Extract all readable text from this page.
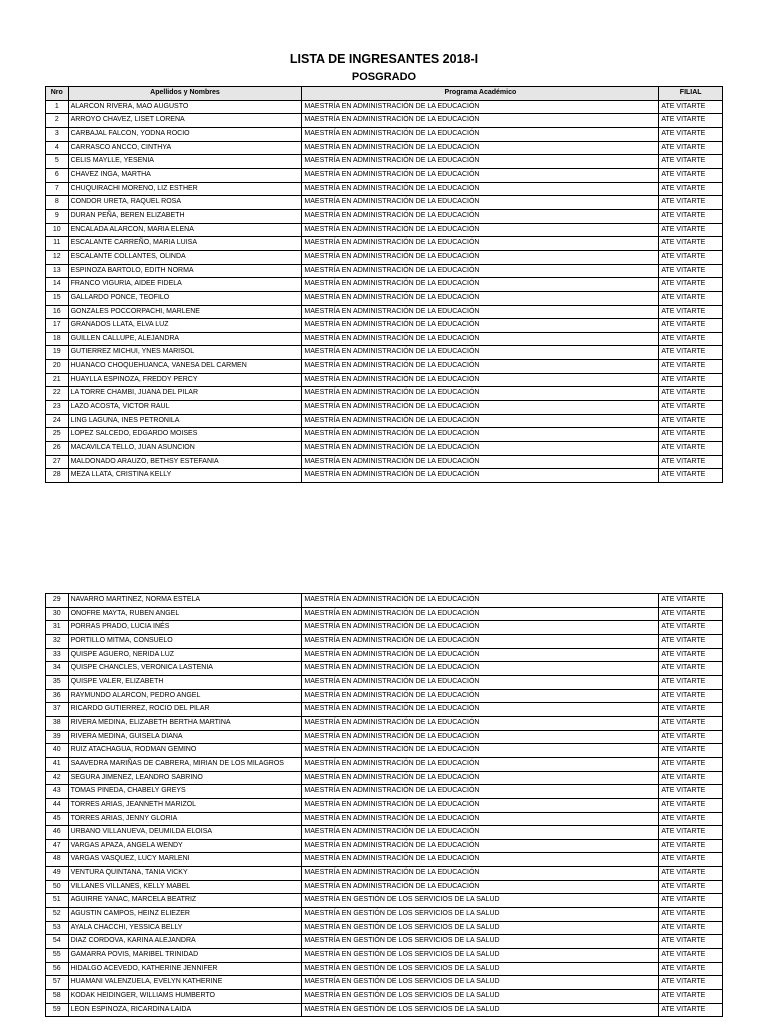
LISTA DE INGRESANTES 2018-I
POSGRADO
Nro	Apellidos y Nombres	Programa Académico	FILIAL
1	ALARCON RIVERA, MAO AUGUSTO	MAESTRÍA EN ADMINISTRACIÓN DE LA EDUCACIÓN	ATE VITARTE
2	ARROYO CHAVEZ, LISET LORENA	MAESTRÍA EN ADMINISTRACIÓN DE LA EDUCACIÓN	ATE VITARTE
3	CARBAJAL FALCON, YODNA ROCIO	MAESTRÍA EN ADMINISTRACIÓN DE LA EDUCACIÓN	ATE VITARTE
4	CARRASCO ANCCO, CINTHYA	MAESTRÍA EN ADMINISTRACIÓN DE LA EDUCACIÓN	ATE VITARTE
5	CELIS MAYLLE, YESENIA	MAESTRÍA EN ADMINISTRACIÓN DE LA EDUCACIÓN	ATE VITARTE
6	CHAVEZ INGA, MARTHA	MAESTRÍA EN ADMINISTRACIÓN DE LA EDUCACIÓN	ATE VITARTE
7	CHUQUIRACHI MORENO, LIZ ESTHER	MAESTRÍA EN ADMINISTRACIÓN DE LA EDUCACIÓN	ATE VITARTE
8	CONDOR URETA, RAQUEL ROSA	MAESTRÍA EN ADMINISTRACIÓN DE LA EDUCACIÓN	ATE VITARTE
9	DURAN PEÑA, BEREN ELIZABETH	MAESTRÍA EN ADMINISTRACIÓN DE LA EDUCACIÓN	ATE VITARTE
10	ENCALADA ALARCON, MARIA ELENA	MAESTRÍA EN ADMINISTRACIÓN DE LA EDUCACIÓN	ATE VITARTE
11	ESCALANTE CARREÑO, MARIA LUISA	MAESTRÍA EN ADMINISTRACIÓN DE LA EDUCACIÓN	ATE VITARTE
12	ESCALANTE COLLANTES, OLINDA	MAESTRÍA EN ADMINISTRACIÓN DE LA EDUCACIÓN	ATE VITARTE
13	ESPINOZA BARTOLO, EDITH NORMA	MAESTRÍA EN ADMINISTRACIÓN DE LA EDUCACIÓN	ATE VITARTE
14	FRANCO VIGURIA, AIDEE FIDELA	MAESTRÍA EN ADMINISTRACIÓN DE LA EDUCACIÓN	ATE VITARTE
15	GALLARDO PONCE, TEOFILO	MAESTRÍA EN ADMINISTRACIÓN DE LA EDUCACIÓN	ATE VITARTE
16	GONZALES POCCORPACHI, MARLENE	MAESTRÍA EN ADMINISTRACIÓN DE LA EDUCACIÓN	ATE VITARTE
17	GRANADOS LLATA, ELVA LUZ	MAESTRÍA EN ADMINISTRACIÓN DE LA EDUCACIÓN	ATE VITARTE
18	GUILLEN CALLUPE, ALEJANDRA	MAESTRÍA EN ADMINISTRACIÓN DE LA EDUCACIÓN	ATE VITARTE
19	GUTIERREZ MICHUI, YNES MARISOL	MAESTRÍA EN ADMINISTRACIÓN DE LA EDUCACIÓN	ATE VITARTE
20	HUANACO CHOQUEHUANCA, VANESA DEL CARMEN	MAESTRÍA EN ADMINISTRACIÓN DE LA EDUCACIÓN	ATE VITARTE
21	HUAYLLA ESPINOZA, FREDDY PERCY	MAESTRÍA EN ADMINISTRACIÓN DE LA EDUCACIÓN	ATE VITARTE
22	LA TORRE CHAMBI, JUANA DEL PILAR	MAESTRÍA EN ADMINISTRACIÓN DE LA EDUCACIÓN	ATE VITARTE
23	LAZO ACOSTA, VICTOR RAUL	MAESTRÍA EN ADMINISTRACIÓN DE LA EDUCACIÓN	ATE VITARTE
24	LING LAGUNA, INES PETRONILA	MAESTRÍA EN ADMINISTRACIÓN DE LA EDUCACIÓN	ATE VITARTE
25	LOPEZ SALCEDO, EDGARDO MOISES	MAESTRÍA EN ADMINISTRACIÓN DE LA EDUCACIÓN	ATE VITARTE
26	MACAVILCA TELLO, JUAN ASUNCION	MAESTRÍA EN ADMINISTRACIÓN DE LA EDUCACIÓN	ATE VITARTE
27	MALDONADO ARAUZO, BETHSY ESTEFANIA	MAESTRÍA EN ADMINISTRACIÓN DE LA EDUCACIÓN	ATE VITARTE
28	MEZA LLATA, CRISTINA KELLY	MAESTRÍA EN ADMINISTRACIÓN DE LA EDUCACIÓN	ATE VITARTE
29	NAVARRO MARTINEZ, NORMA ESTELA	MAESTRÍA EN ADMINISTRACIÓN DE LA EDUCACIÓN	ATE VITARTE
30	ONOFRE MAYTA, RUBEN ANGEL	MAESTRÍA EN ADMINISTRACIÓN DE LA EDUCACIÓN	ATE VITARTE
31	PORRAS PRADO, LUCIA INÉS	MAESTRÍA EN ADMINISTRACIÓN DE LA EDUCACIÓN	ATE VITARTE
32	PORTILLO MITMA, CONSUELO	MAESTRÍA EN ADMINISTRACIÓN DE LA EDUCACIÓN	ATE VITARTE
33	QUISPE AGUERO, NERIDA LUZ	MAESTRÍA EN ADMINISTRACIÓN DE LA EDUCACIÓN	ATE VITARTE
34	QUISPE CHANCLES, VERONICA LASTENIA	MAESTRÍA EN ADMINISTRACIÓN DE LA EDUCACIÓN	ATE VITARTE
35	QUISPE VALER, ELIZABETH	MAESTRÍA EN ADMINISTRACIÓN DE LA EDUCACIÓN	ATE VITARTE
36	RAYMUNDO ALARCON, PEDRO ANGEL	MAESTRÍA EN ADMINISTRACIÓN DE LA EDUCACIÓN	ATE VITARTE
37	RICARDO GUTIERREZ, ROCIO DEL PILAR	MAESTRÍA EN ADMINISTRACIÓN DE LA EDUCACIÓN	ATE VITARTE
38	RIVERA MEDINA, ELIZABETH BERTHA MARTINA	MAESTRÍA EN ADMINISTRACIÓN DE LA EDUCACIÓN	ATE VITARTE
39	RIVERA MEDINA, GUISELA DIANA	MAESTRÍA EN ADMINISTRACIÓN DE LA EDUCACIÓN	ATE VITARTE
40	RUIZ ATACHAGUA, RODMAN GEMINO	MAESTRÍA EN ADMINISTRACIÓN DE LA EDUCACIÓN	ATE VITARTE
41	SAAVEDRA MARIÑAS DE CABRERA, MIRIAN DE LOS MILAGROS	MAESTRÍA EN ADMINISTRACIÓN DE LA EDUCACIÓN	ATE VITARTE
42	SEGURA JIMENEZ, LEANDRO SABRINO	MAESTRÍA EN ADMINISTRACIÓN DE LA EDUCACIÓN	ATE VITARTE
43	TOMAS PINEDA, CHABELY GREYS	MAESTRÍA EN ADMINISTRACIÓN DE LA EDUCACIÓN	ATE VITARTE
44	TORRES ARIAS, JEANNETH MARIZOL	MAESTRÍA EN ADMINISTRACIÓN DE LA EDUCACIÓN	ATE VITARTE
45	TORRES ARIAS, JENNY GLORIA	MAESTRÍA EN ADMINISTRACIÓN DE LA EDUCACIÓN	ATE VITARTE
46	URBANO VILLANUEVA, DEUMILDA ELOISA	MAESTRÍA EN ADMINISTRACIÓN DE LA EDUCACIÓN	ATE VITARTE
47	VARGAS APAZA, ANGELA WENDY	MAESTRÍA EN ADMINISTRACIÓN DE LA EDUCACIÓN	ATE VITARTE
48	VARGAS VASQUEZ, LUCY MARLENI	MAESTRÍA EN ADMINISTRACIÓN DE LA EDUCACIÓN	ATE VITARTE
49	VENTURA QUINTANA, TANIA VICKY	MAESTRÍA EN ADMINISTRACIÓN DE LA EDUCACIÓN	ATE VITARTE
50	VILLANES VILLANES, KELLY MABEL	MAESTRÍA EN ADMINISTRACIÓN DE LA EDUCACIÓN	ATE VITARTE
51	AGUIRRE YANAC, MARCELA BEATRIZ	MAESTRÍA EN GESTIÓN DE LOS SERVICIOS DE LA SALUD	ATE VITARTE
52	AGUSTIN CAMPOS, HEINZ ELIEZER	MAESTRÍA EN GESTIÓN DE LOS SERVICIOS DE LA SALUD	ATE VITARTE
53	AYALA CHACCHI, YESSICA BELLY	MAESTRÍA EN GESTIÓN DE LOS SERVICIOS DE LA SALUD	ATE VITARTE
54	DIAZ CORDOVA, KARINA ALEJANDRA	MAESTRÍA EN GESTIÓN DE LOS SERVICIOS DE LA SALUD	ATE VITARTE
55	GAMARRA POVIS, MARIBEL TRINIDAD	MAESTRÍA EN GESTIÓN DE LOS SERVICIOS DE LA SALUD	ATE VITARTE
56	HIDALGO ACEVEDO, KATHERINE JENNIFER	MAESTRÍA EN GESTIÓN DE LOS SERVICIOS DE LA SALUD	ATE VITARTE
57	HUAMANI VALENZUELA, EVELYN KATHERINE	MAESTRÍA EN GESTIÓN DE LOS SERVICIOS DE LA SALUD	ATE VITARTE
58	KODAK HEIDINGER, WILLIAMS HUMBERTO	MAESTRÍA EN GESTIÓN DE LOS SERVICIOS DE LA SALUD	ATE VITARTE
59	LEON ESPINOZA, RICARDINA LAIDA	MAESTRÍA EN GESTIÓN DE LOS SERVICIOS DE LA SALUD	ATE VITARTE
